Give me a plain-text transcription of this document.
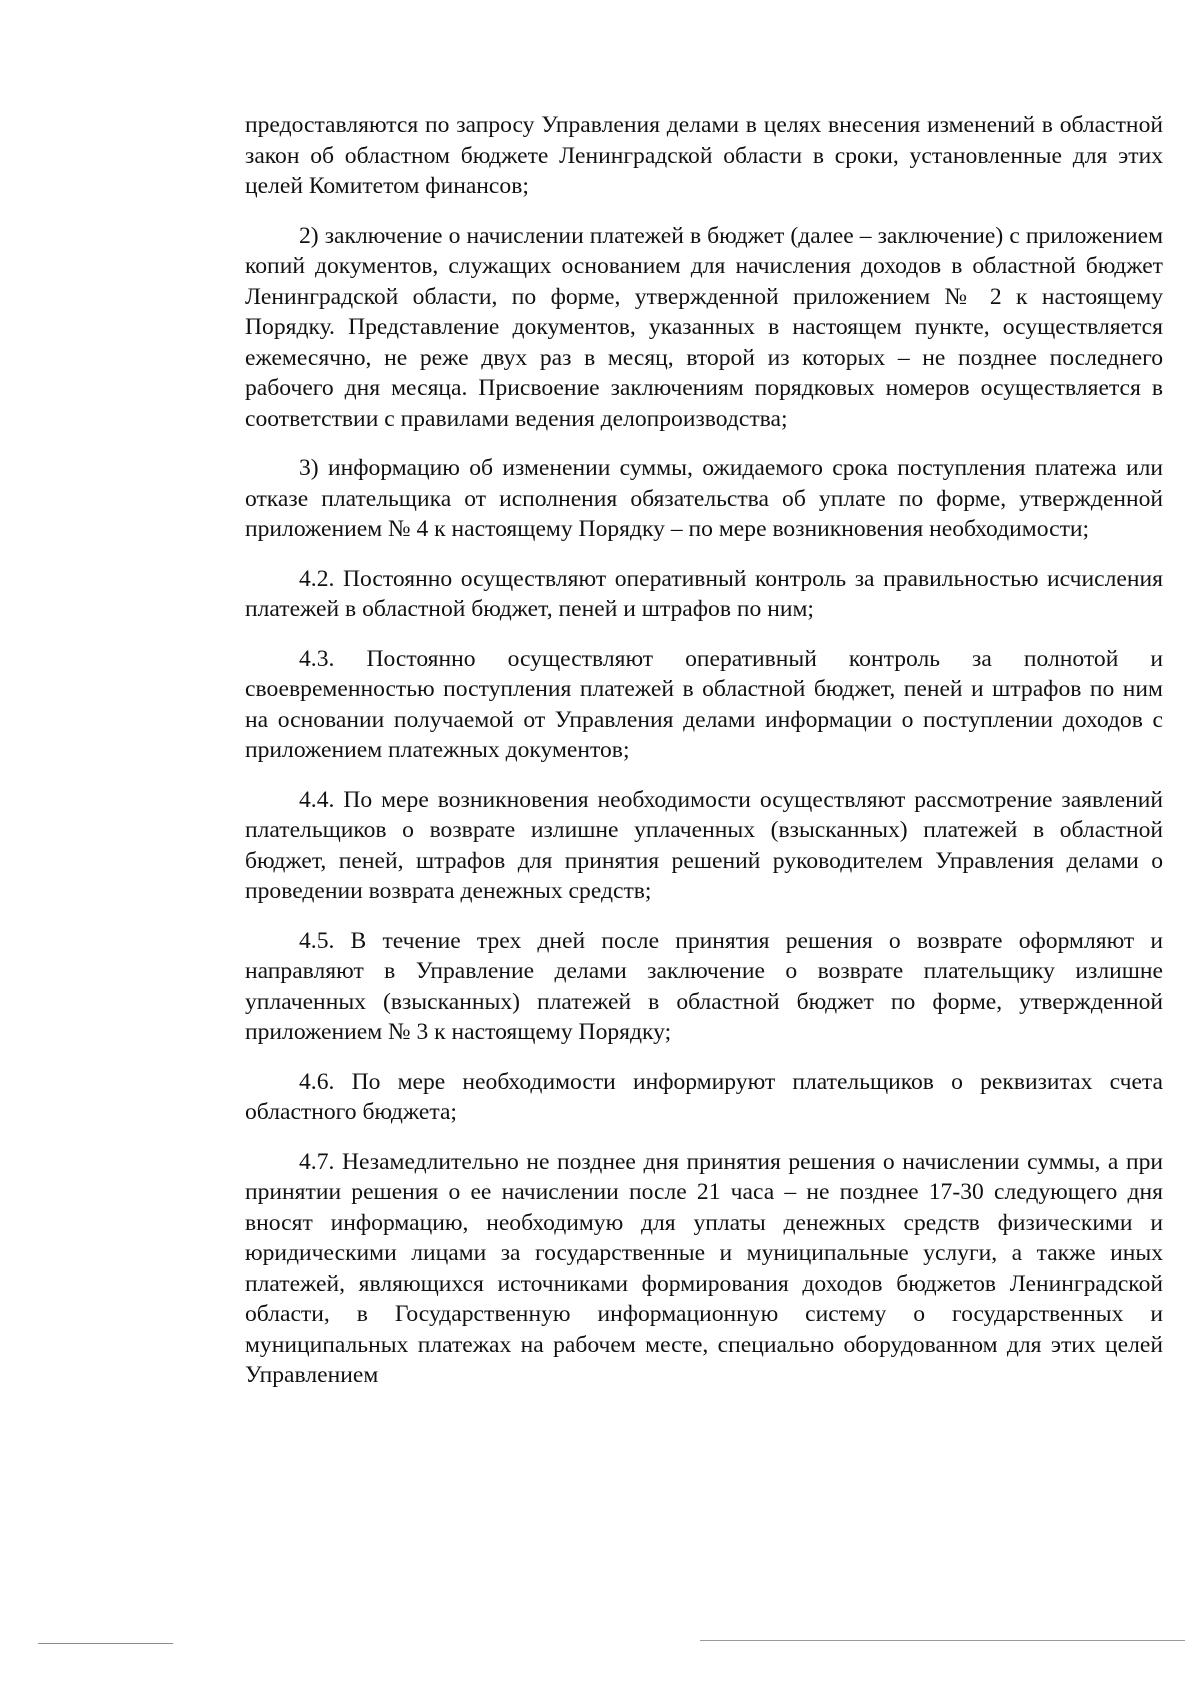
предоставляются по запросу Управления делами в целях внесения изменений в областной закон об областном бюджете Ленинградской области в сроки, установленные для этих целей Комитетом финансов;

2) заключение о начислении платежей в бюджет (далее – заключение) с приложением копий документов, служащих основанием для начисления доходов в областной бюджет Ленинградской области, по форме, утвержденной приложением № 2 к настоящему Порядку. Представление документов, указанных в настоящем пункте, осуществляется ежемесячно, не реже двух раз в месяц, второй из которых – не позднее последнего рабочего дня месяца. Присвоение заключениям порядковых номеров осуществляется в соответствии с правилами ведения делопроизводства;

3) информацию об изменении суммы, ожидаемого срока поступления платежа или отказе плательщика от исполнения обязательства об уплате по форме, утвержденной приложением № 4 к настоящему Порядку – по мере возникновения необходимости;

4.2. Постоянно осуществляют оперативный контроль за правильностью исчисления платежей в областной бюджет, пеней и штрафов по ним;

4.3. Постоянно осуществляют оперативный контроль за полнотой и своевременностью поступления платежей в областной бюджет, пеней и штрафов по ним на основании получаемой от Управления делами информации о поступлении доходов с приложением платежных документов;

4.4. По мере возникновения необходимости осуществляют рассмотрение заявлений плательщиков о возврате излишне уплаченных (взысканных) платежей в областной бюджет, пеней, штрафов для принятия решений руководителем Управления делами о проведении возврата денежных средств;

4.5. В течение трех дней после принятия решения о возврате оформляют и направляют в Управление делами заключение о возврате плательщику излишне уплаченных (взысканных) платежей в областной бюджет по форме, утвержденной приложением № 3 к настоящему Порядку;

4.6. По мере необходимости информируют плательщиков о реквизитах счета областного бюджета;

4.7. Незамедлительно не позднее дня принятия решения о начислении суммы, а при принятии решения о ее начислении после 21 часа – не позднее 17-30 следующего дня вносят информацию, необходимую для уплаты денежных средств физическими и юридическими лицами за государственные и муниципальные услуги, а также иных платежей, являющихся источниками формирования доходов бюджетов Ленинградской области, в Государственную информационную систему о государственных и муниципальных платежах на рабочем месте, специально оборудованном для этих целей Управлением
